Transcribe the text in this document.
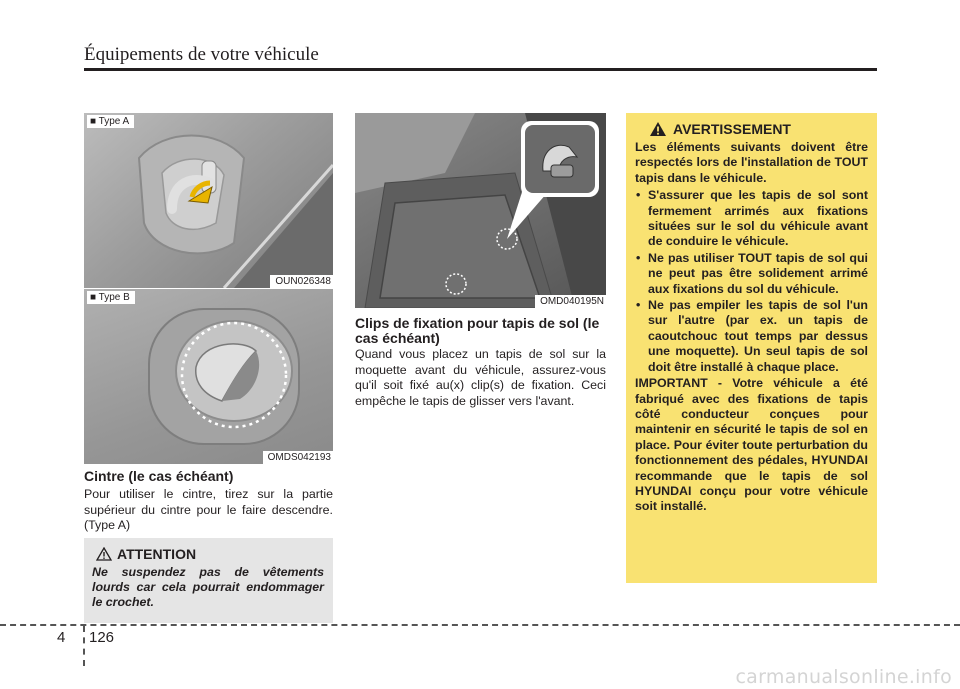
Équipements de votre véhicule
■ Type A
OUN026348
■ Type B
OMDS042193
OMD040195N
Cintre (le cas échéant)
Pour utiliser le cintre, tirez sur la partie supérieur du cintre pour le faire descendre. (Type A)
ATTENTION
Ne suspendez pas de vêtements lourds car cela pourrait endommager le crochet.
Clips de fixation pour tapis de sol (le cas échéant)
Quand vous placez un tapis de sol sur la moquette avant du véhicule, assurez-vous qu'il soit fixé au(x) clip(s) de fixation. Ceci empêche le tapis de glisser vers l'avant.
AVERTISSEMENT
Les éléments suivants doivent être respectés lors de l'installation de TOUT tapis dans le véhicule.
• S'assurer que les tapis de sol sont fermement arrimés aux fixations situées sur le sol du véhicule avant de conduire le véhicule.
• Ne pas utiliser TOUT tapis de sol qui ne peut pas être solidement arrimé aux fixations du sol du véhicule.
• Ne pas empiler les tapis de sol l'un sur l'autre (par ex. un tapis de caoutchouc tout temps par dessus une moquette). Un seul tapis de sol doit être installé à chaque place.
IMPORTANT - Votre véhicule a été fabriqué avec des fixations de tapis côté conducteur conçues pour maintenir en sécurité le tapis de sol en place. Pour éviter toute perturbation du fonctionnement des pédales, HYUNDAI recommande que le tapis de sol HYUNDAI conçu pour votre véhicule soit installé.
4 126
carmanualsonline.info
